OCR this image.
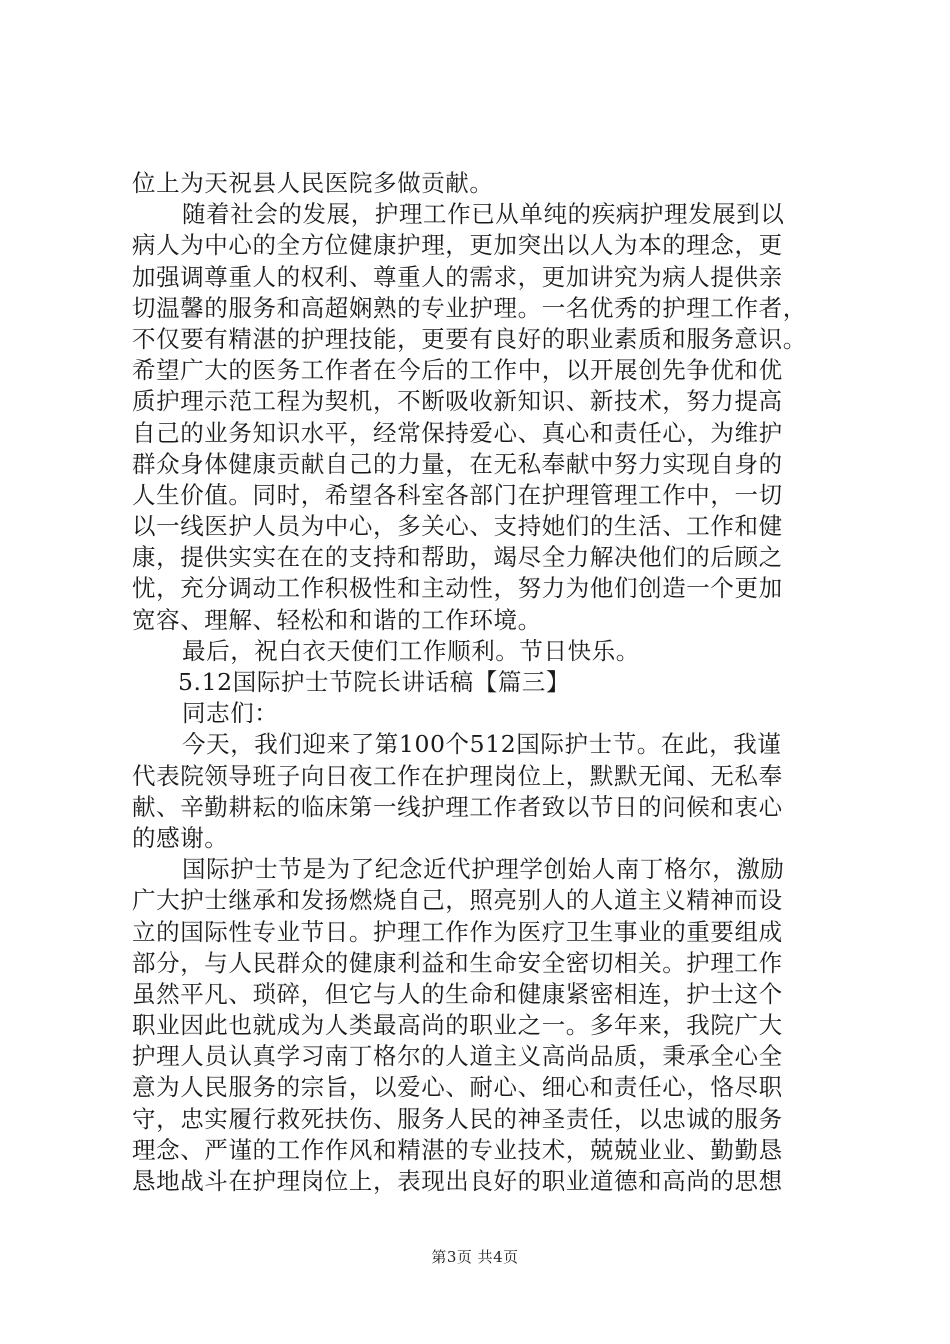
位上为天祝县人民医院多做贡献。
随着社会的发展，护理工作已从单纯的疾病护理发展到以
病人为中心的全方位健康护理，更加突出以人为本的理念，更
加强调尊重人的权利、尊重人的需求，更加讲究为病人提供亲
切温馨的服务和高超娴熟的专业护理。一名优秀的护理工作者，
不仅要有精湛的护理技能，更要有良好的职业素质和服务意识。
希望广大的医务工作者在今后的工作中，以开展创先争优和优
质护理示范工程为契机，不断吸收新知识、新技术，努力提高
自己的业务知识水平，经常保持爱心、真心和责任心，为维护
群众身体健康贡献自己的力量，在无私奉献中努力实现自身的
人生价值。同时，希望各科室各部门在护理管理工作中，一切
以一线医护人员为中心，多关心、支持她们的生活、工作和健
康，提供实实在在的支持和帮助，竭尽全力解决他们的后顾之
忧，充分调动工作积极性和主动性，努力为他们创造一个更加
宽容、理解、轻松和和谐的工作环境。
最后，祝白衣天使们工作顺利。节日快乐。
5.12国际护士节院长讲话稿【篇三】
同志们：
今天，我们迎来了第100个512国际护士节。在此，我谨
代表院领导班子向日夜工作在护理岗位上，默默无闻、无私奉
献、辛勤耕耘的临床第一线护理工作者致以节日的问候和衷心
的感谢。
国际护士节是为了纪念近代护理学创始人南丁格尔，激励
广大护士继承和发扬燃烧自己，照亮别人的人道主义精神而设
立的国际性专业节日。护理工作作为医疗卫生事业的重要组成
部分，与人民群众的健康利益和生命安全密切相关。护理工作
虽然平凡、琐碎，但它与人的生命和健康紧密相连，护士这个
职业因此也就成为人类最高尚的职业之一。多年来，我院广大
护理人员认真学习南丁格尔的人道主义高尚品质，秉承全心全
意为人民服务的宗旨，以爱心、耐心、细心和责任心，恪尽职
守，忠实履行救死扶伤、服务人民的神圣责任，以忠诚的服务
理念、严谨的工作作风和精湛的专业技术，兢兢业业、勤勤恳
恳地战斗在护理岗位上，表现出良好的职业道德和高尚的思想
第3页 共4页
